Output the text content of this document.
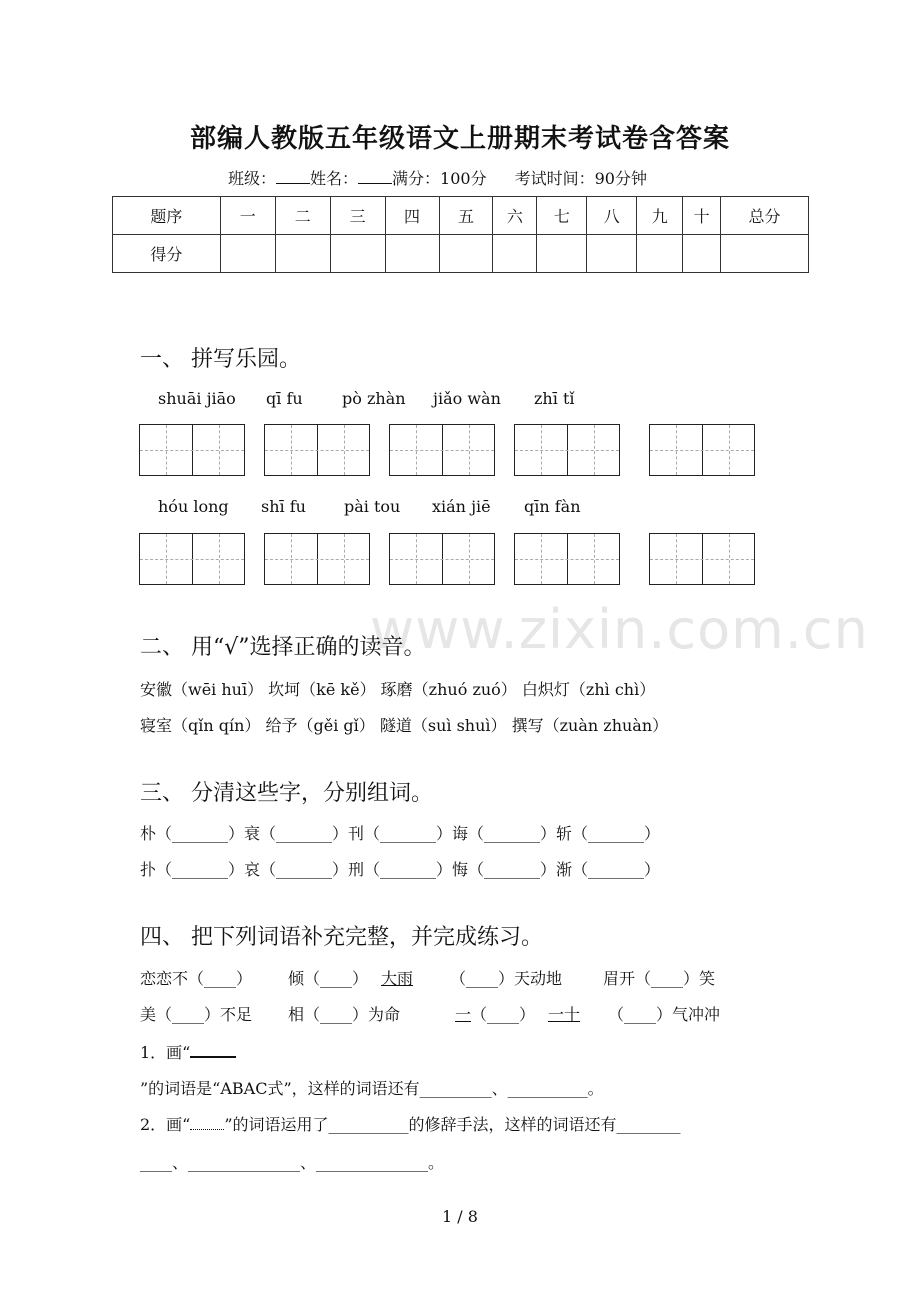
部编人教版五年级语文上册期末考试卷含答案
班级： 姓名： 满分：100分 考试时间：90分钟
题序	一	二	三	四	五	六	七	八	九	十	总分
得分											
www.zixin.com.cn
一、 拼写乐园。
shuāi jiāo qī fu pò zhàn jiǎo wàn zhī tǐ
hóu long shī fu pài tou xián jiē qīn fàn
二、 用“√”选择正确的读音。
安徽（wēi huī） 坎坷（kē kě） 琢磨（zhuó zuó） 白炽灯（zhì chì）
寝室（qǐn qín） 给予（gěi gǐ） 隧道（suì shuì） 撰写（zuàn zhuàn）
三、 分清这些字，分别组词。
朴（_______）衰（_______）刊（_______）诲（_______）斩（_______）
扑（_______）哀（_______）刑（_______）悔（_______）渐（_______）
四、 把下列词语补充完整，并完成练习。
恋恋不（____） 倾（____） 大雨 （____）天动地	眉开（____）笑
美（____）不足 相（____）为命	一 （____） 一十 （____）气冲冲
1．画“
”的词语是“ABAC式”，这样的词语还有_________、__________。
2．画“ ”的词语运用了__________的修辞手法，这样的词语还有________
____、______________、______________。
1 / 8
